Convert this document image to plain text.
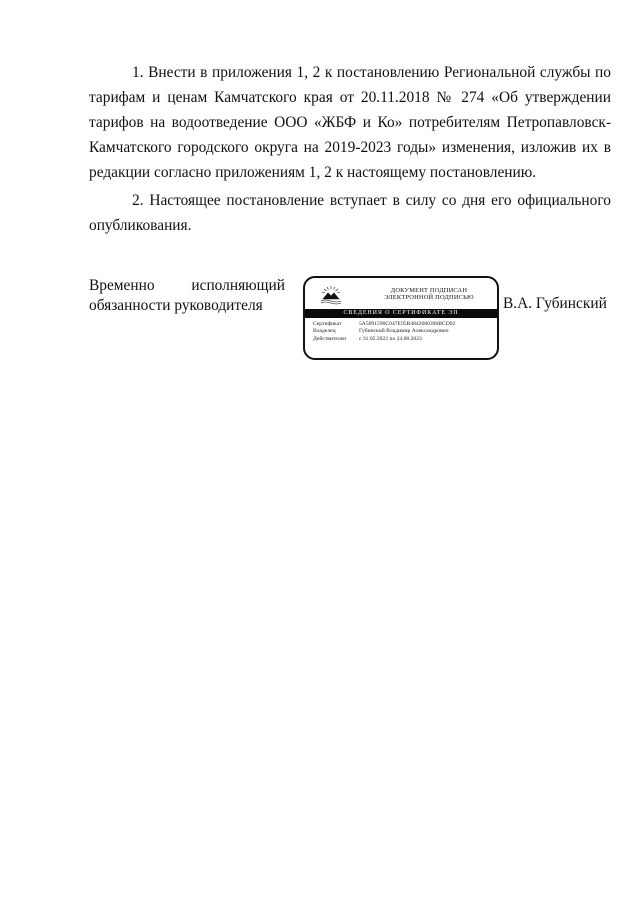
1. Внести в приложения 1, 2 к постановлению Региональной службы по
тарифам и ценам Камчатского края от 20.11.2018 № 274 «Об утверждении
тарифов на водоотведение ООО «ЖБФ и Ко» потребителям Петропавловск-
Камчатского городского округа на 2019-2023 годы» изменения, изложив их в
редакции согласно приложениям 1, 2 к настоящему постановлению.
2. Настоящее постановление вступает в силу со дня его официального
опубликования.
Временно исполняющий
обязанности руководителя
ДОКУМЕНТ ПОДПИСАН
ЭЛЕКТРОННОЙ ПОДПИСЬЮ
СВЕДЕНИЯ О СЕРТИФИКАТЕ ЭП
Сертификат	5A5091590C047E95B4842680396BCD92
Владелец	Губинский Владимир Александрович
Действителен	с 31.05.2022 по 24.08.2023
В.А. Губинский
